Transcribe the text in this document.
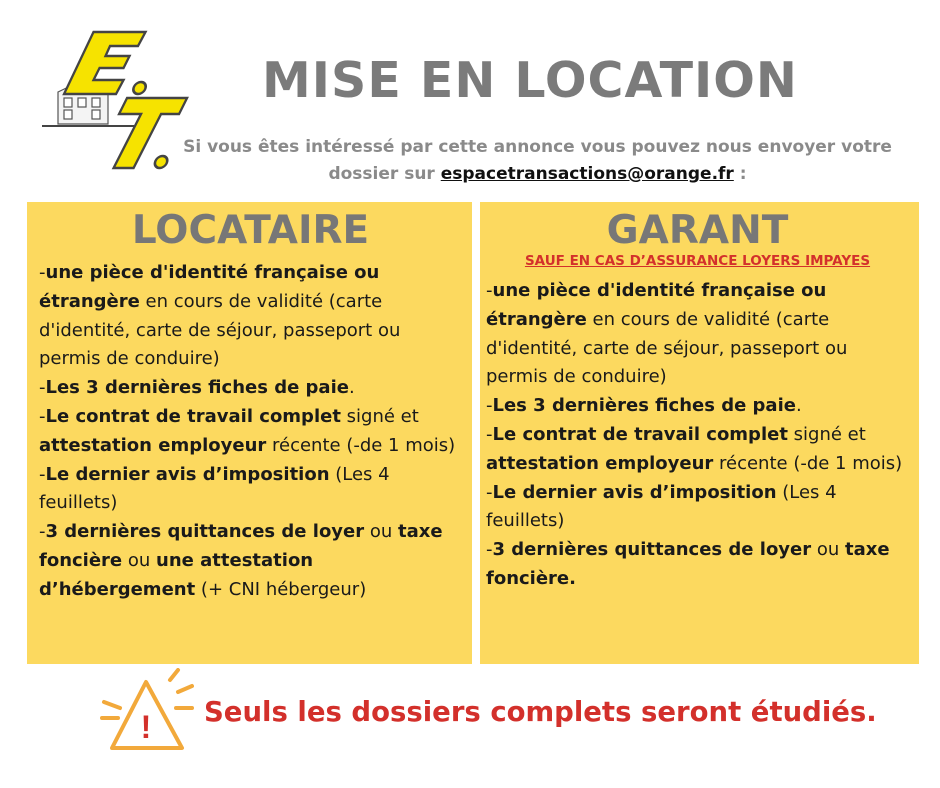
MISE EN LOCATION
Si vous êtes intéressé par cette annonce vous pouvez nous envoyer votre dossier sur espacetransactions@orange.fr :
LOCATAIRE
-une pièce d'identité française ou étrangère en cours de validité (carte d'identité, carte de séjour, passeport ou permis de conduire)
-Les 3 dernières fiches de paie.
-Le contrat de travail complet signé et attestation employeur récente (-de 1 mois)
-Le dernier avis d’imposition (Les 4 feuillets)
-3 dernières quittances de loyer ou taxe foncière ou une attestation d’hébergement (+ CNI hébergeur)
GARANT
SAUF EN CAS D’ASSURANCE LOYERS IMPAYES
-une pièce d'identité française ou étrangère en cours de validité (carte d'identité, carte de séjour, passeport ou permis de conduire)
-Les 3 dernières fiches de paie.
-Le contrat de travail complet signé et attestation employeur récente (-de 1 mois)
-Le dernier avis d’imposition (Les 4 feuillets)
-3 dernières quittances de loyer ou taxe foncière.
! Seuls les dossiers complets seront étudiés.
